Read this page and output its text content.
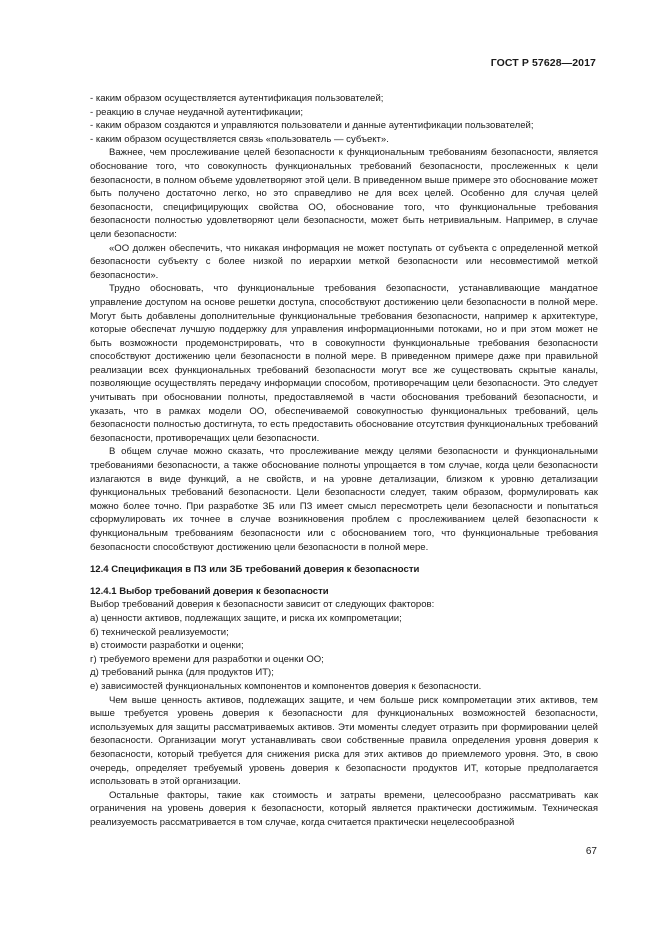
ГОСТ Р 57628—2017

- каким образом осуществляется аутентификация пользователей;

- реакцию в случае неудачной аутентификации;

- каким образом создаются и управляются пользователи и данные аутентификации пользователей;

- каким образом осуществляется связь «пользователь — субъект».

Важнее, чем прослеживание целей безопасности к функциональным требованиям безопасности, является обоснование того, что совокупность функциональных требований безопасности, прослеженных к цели безопасности, в полном объеме удовлетворяют этой цели. В приведенном выше примере это обоснование может быть получено достаточно легко, но это справедливо не для всех целей. Особенно для случая целей безопасности, специфицирующих свойства ОО, обоснование того, что функциональные требования безопасности полностью удовлетворяют цели безопасности, может быть нетривиальным. Например, в случае цели безопасности:

«ОО должен обеспечить, что никакая информация не может поступать от субъекта с определенной меткой безопасности субъекту с более низкой по иерархии меткой безопасности или несовместимой меткой безопасности».

Трудно обосновать, что функциональные требования безопасности, устанавливающие мандатное управление доступом на основе решетки доступа, способствуют достижению цели безопасности в полной мере. Могут быть добавлены дополнительные функциональные требования безопасности, например к архитектуре, которые обеспечат лучшую поддержку для управления информационными потоками, но и при этом может не быть возможности продемонстрировать, что в совокупности функциональные требования безопасности способствуют достижению цели безопасности в полной мере. В приведенном примере даже при правильной реализации всех функциональных требований безопасности могут все же существовать скрытые каналы, позволяющие осуществлять передачу информации способом, противоречащим цели безопасности. Это следует учитывать при обосновании полноты, предоставляемой в части обоснования требований безопасности, и указать, что в рамках модели ОО, обеспечиваемой совокупностью функциональных требований, цель безопасности полностью достигнута, то есть предоставить обоснование отсутствия функциональных требований безопасности, противоречащих цели безопасности.

В общем случае можно сказать, что прослеживание между целями безопасности и функциональными требованиями безопасности, а также обоснование полноты упрощается в том случае, когда цели безопасности излагаются в виде функций, а не свойств, и на уровне детализации, близком к уровню детализации функциональных требований безопасности. Цели безопасности следует, таким образом, формулировать как можно более точно. При разработке ЗБ или ПЗ имеет смысл пересмотреть цели безопасности и попытаться сформулировать их точнее в случае возникновения проблем с прослеживанием целей безопасности к функциональным требованиям безопасности или с обоснованием того, что функциональные требования безопасности способствуют достижению цели безопасности в полной мере.

12.4 Спецификация в ПЗ или ЗБ требований доверия к безопасности

12.4.1 Выбор требований доверия к безопасности

Выбор требований доверия к безопасности зависит от следующих факторов:

а) ценности активов, подлежащих защите, и риска их компрометации;

б) технической реализуемости;

в) стоимости разработки и оценки;

г) требуемого времени для разработки и оценки ОО;

д) требований рынка (для продуктов ИТ);

е) зависимостей функциональных компонентов и компонентов доверия к безопасности.

Чем выше ценность активов, подлежащих защите, и чем больше риск компрометации этих активов, тем выше требуется уровень доверия к безопасности для функциональных возможностей безопасности, используемых для защиты рассматриваемых активов. Эти моменты следует отразить при формировании целей безопасности. Организации могут устанавливать свои собственные правила определения уровня доверия к безопасности, который требуется для снижения риска для этих активов до приемлемого уровня. Это, в свою очередь, определяет требуемый уровень доверия к безопасности продуктов ИТ, которые предполагается использовать в этой организации.

Остальные факторы, такие как стоимость и затраты времени, целесообразно рассматривать как ограничения на уровень доверия к безопасности, который является практически достижимым. Техническая реализуемость рассматривается в том случае, когда считается практически нецелесообразной

67
